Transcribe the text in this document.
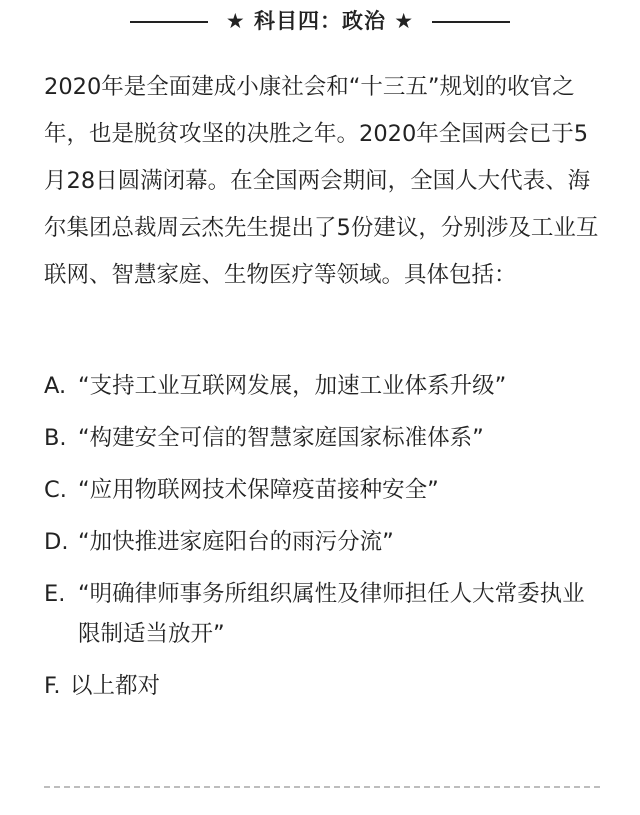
★ 科目四：政治 ★

2020年是全面建成小康社会和“十三五”规划的收官之年，也是脱贫攻坚的决胜之年。2020年全国两会已于5月28日圆满闭幕。在全国两会期间，全国人大代表、海尔集团总裁周云杰先生提出了5份建议，分别涉及工业互联网、智慧家庭、生物医疗等领域。具体包括：

A. “支持工业互联网发展，加速工业体系升级”
B. “构建安全可信的智慧家庭国家标准体系”
C. “应用物联网技术保障疫苗接种安全”
D. “加快推进家庭阳台的雨污分流”
E. “明确律师事务所组织属性及律师担任人大常委执业限制适当放开”
F. 以上都对
